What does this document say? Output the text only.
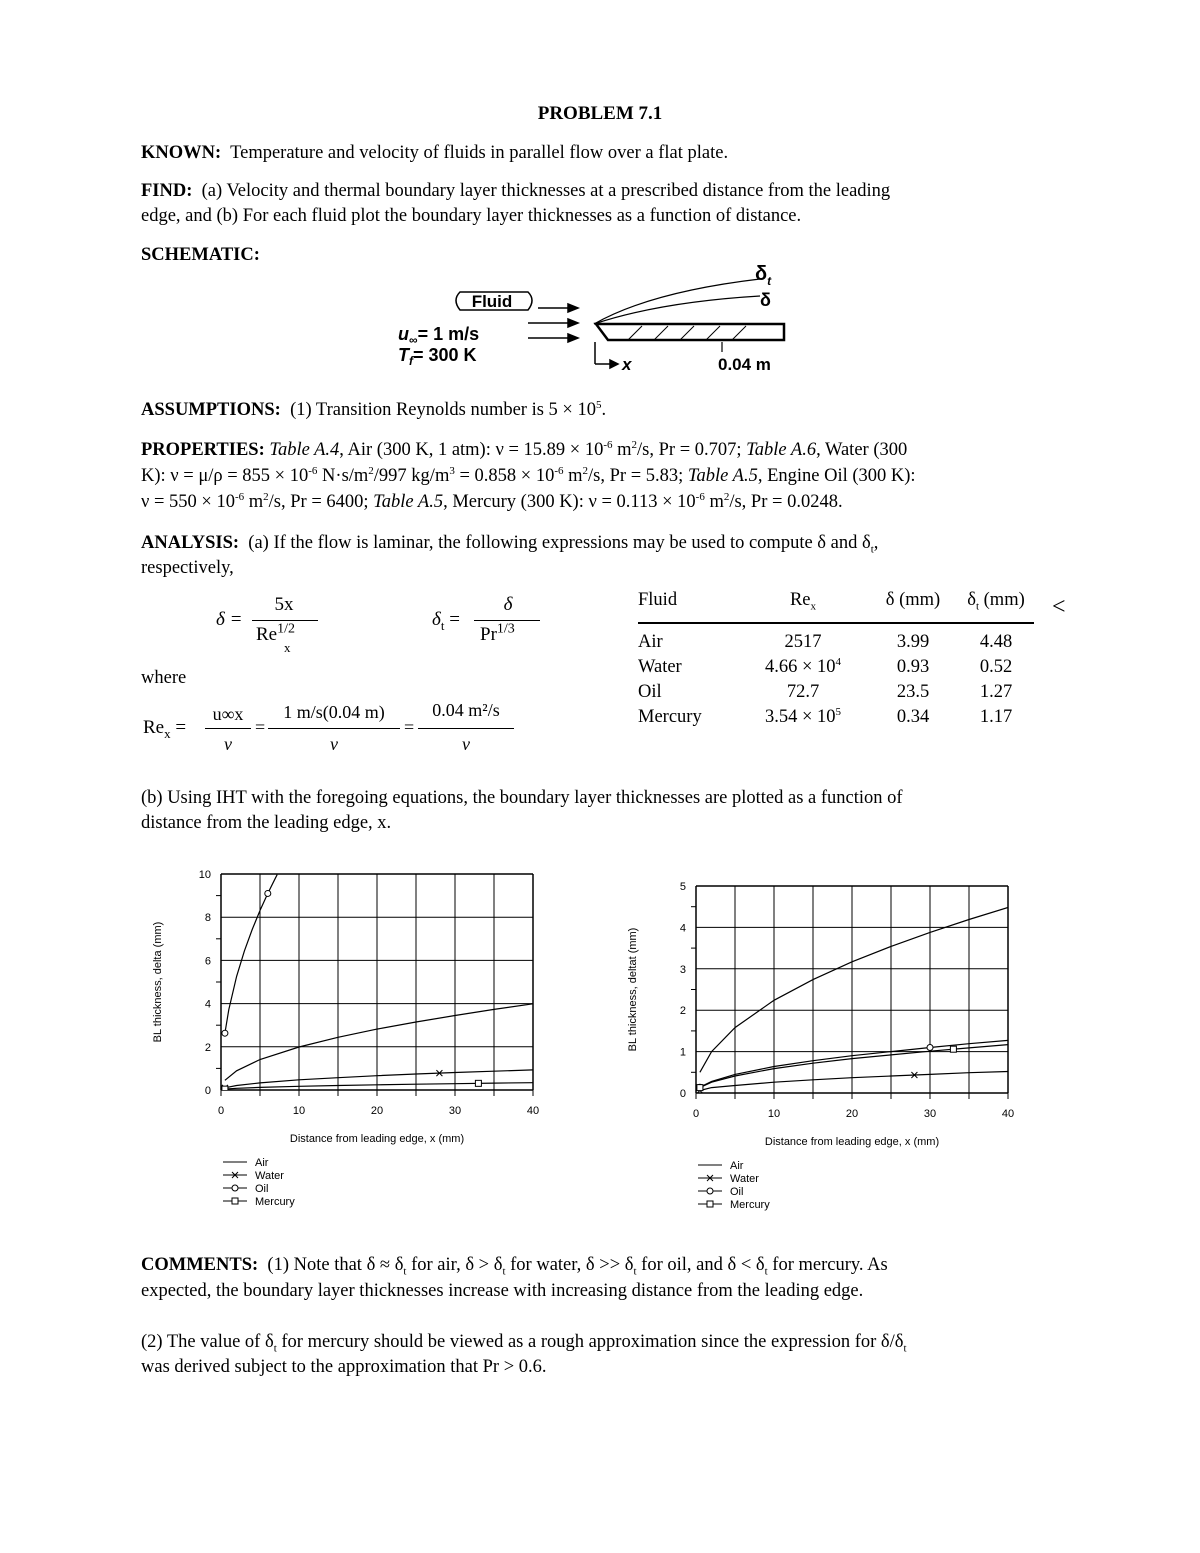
PROBLEM 7.1
KNOWN: Temperature and velocity of fluids in parallel flow over a flat plate.
FIND: (a) Velocity and thermal boundary layer thicknesses at a prescribed distance from the leading
edge, and (b) For each fluid plot the boundary layer thicknesses as a function of distance.
SCHEMATIC:
Fluid
x	0.04 m
$\delta_t$
δ
$u_\infty= 1$ m/s
$T_f= 300$ K
ASSUMPTIONS: (1) Transition Reynolds number is $5 \times 10^5$.
PROPERTIES: Table A.4, Air (300 K, 1 atm): $\nu = 15.89 \times 10^{-6}$ $m^2/s$, Pr = 0.707; Table A.6, Water (300
K): $\nu = \mu/\rho = 855 \times 10^{-6}$ $N\cdot s/m^2/997$ $kg/m^3 = 0.858 \times 10^{-6}$ $m^2/s$, Pr = 5.83; Table A.5, Engine Oil (300 K):
$\nu = 550 \times 10^{-6}$ $m^2/s$, Pr = 6400; Table A.5, Mercury (300 K): $\nu = 0.113 \times 10^{-6}$ $m^2/s$, Pr = 0.0248.
ANALYSIS: (a) If the flow is laminar, the following expressions may be used to compute δ and $\delta_t$,
respectively,
δ =
5x
$Re^{1/2}$
x
$\delta_t$ =
δ
$Pr^{1/3}$
where
$Re_x$ =
u∞x
ν
=
1 m/s(0.04 m)
ν
=
0.04 m²/s
ν
Fluid	$Re_x$	δ (mm)	$\delta_t$ (mm)
Air	2517	3.99	4.48
Water	$4.66 \times 10^4$	0.93	0.52
Oil	72.7	23.5	1.27
Mercury	$3.54 \times 10^5$	0.34	1.17
<
(b) Using IHT with the foregoing equations, the boundary layer thicknesses are plotted as a function of
distance from the leading edge, x.
0	10	20	30	40
0
2
4
6
8
10
Distance from leading edge, x (mm)
BL thickness, delta (mm)
Air
Water
Oil
Mercury
0	10	20	30	40
0
1
2
3
4
5
Distance from leading edge, x (mm)
BL thickness, deltat (mm)
Air
Water
Oil
Mercury
COMMENTS: (1) Note that $\delta \approx \delta_t$ for air, $\delta > \delta_t$ for water, $\delta >> \delta_t$ for oil, and $\delta < \delta_t$ for mercury. As
expected, the boundary layer thicknesses increase with increasing distance from the leading edge.
(2) The value of $\delta_t$ for mercury should be viewed as a rough approximation since the expression for $\delta/\delta_t$
was derived subject to the approximation that Pr > 0.6.
